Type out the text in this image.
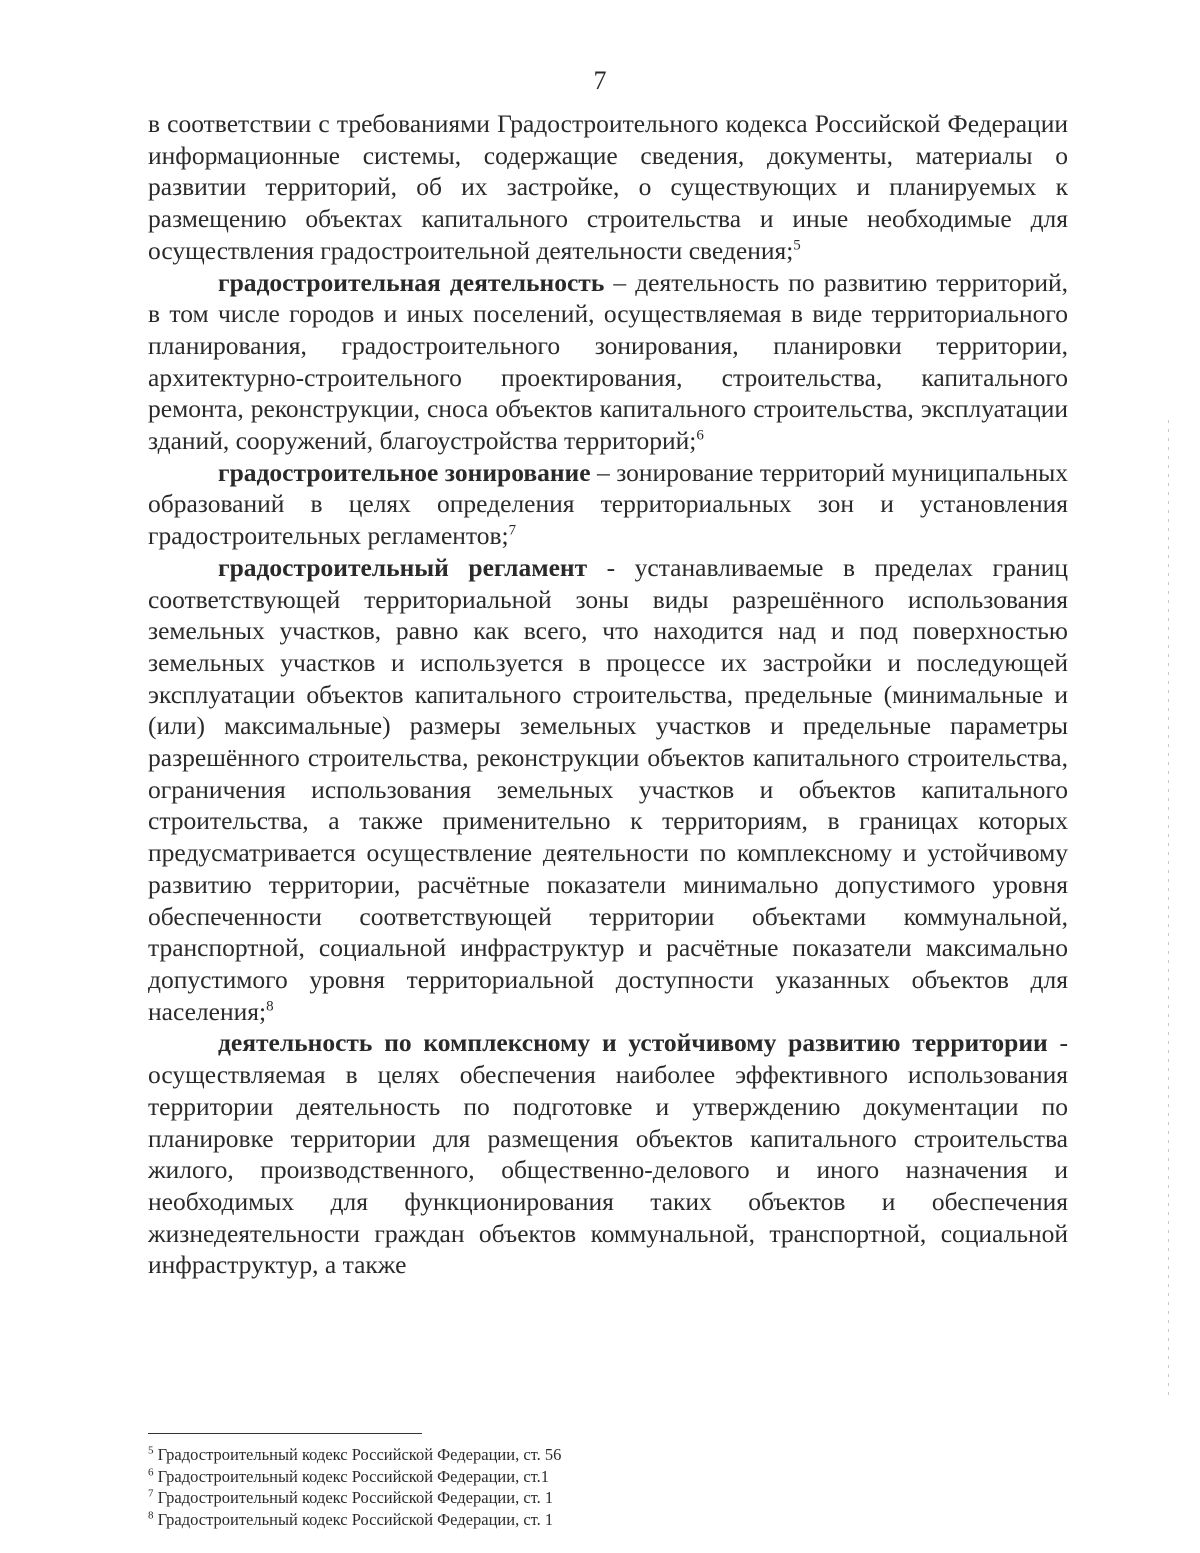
7

в соответствии с требованиями Градостроительного кодекса Российской Федерации информационные системы, содержащие сведения, документы, материалы о развитии территорий, об их застройке, о существующих и планируемых к размещению объектах капитального строительства и иные необходимые для осуществления градостроительной деятельности сведения;$^5$

градостроительная деятельность – деятельность по развитию территорий, в том числе городов и иных поселений, осуществляемая в виде территориального планирования, градостроительного зонирования, планировки территории, архитектурно-строительного проектирования, строительства, капитального ремонта, реконструкции, сноса объектов капитального строительства, эксплуатации зданий, сооружений, благоустройства территорий;$^6$

градостроительное зонирование – зонирование территорий муниципальных образований в целях определения территориальных зон и установления градостроительных регламентов;$^7$

градостроительный регламент - устанавливаемые в пределах границ соответствующей территориальной зоны виды разрешённого использования земельных участков, равно как всего, что находится над и под поверхностью земельных участков и используется в процессе их застройки и последующей эксплуатации объектов капитального строительства, предельные (минимальные и (или) максимальные) размеры земельных участков и предельные параметры разрешённого строительства, реконструкции объектов капитального строительства, ограничения использования земельных участков и объектов капитального строительства, а также применительно к территориям, в границах которых предусматривается осуществление деятельности по комплексному и устойчивому развитию территории, расчётные показатели минимально допустимого уровня обеспеченности соответствующей территории объектами коммунальной, транспортной, социальной инфраструктур и расчётные показатели максимально допустимого уровня территориальной доступности указанных объектов для населения;$^8$

деятельность по комплексному и устойчивому развитию территории - осуществляемая в целях обеспечения наиболее эффективного использования территории деятельность по подготовке и утверждению документации по планировке территории для размещения объектов капитального строительства жилого, производственного, общественно-делового и иного назначения и необходимых для функционирования таких объектов и обеспечения жизнедеятельности граждан объектов коммунальной, транспортной, социальной инфраструктур, а также

$^5$ Градостроительный кодекс Российской Федерации, ст. 56

$^6$ Градостроительный кодекс Российской Федерации, ст.1

$^7$ Градостроительный кодекс Российской Федерации, ст. 1

$^8$ Градостроительный кодекс Российской Федерации, ст. 1
